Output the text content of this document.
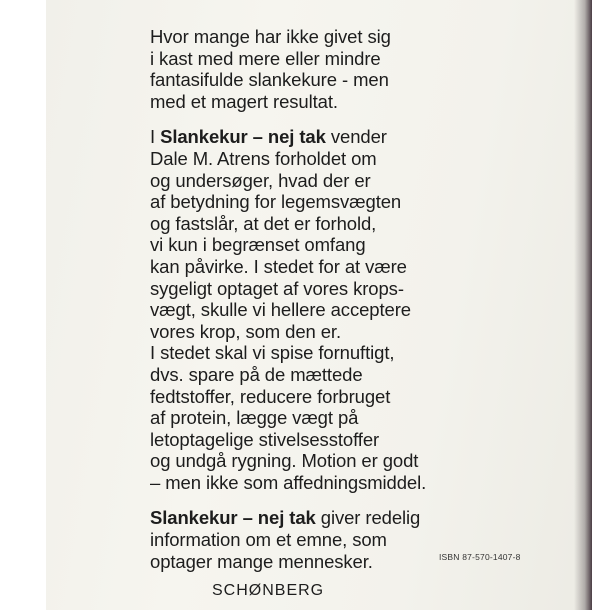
Hvor mange har ikke givet sig
i kast med mere eller mindre
fantasifulde slankekure - men
med et magert resultat.

I Slankekur – nej tak vender
Dale M. Atrens forholdet om
og undersøger, hvad der er
af betydning for legemsvægten
og fastslår, at det er forhold,
vi kun i begrænset omfang
kan påvirke. I stedet for at være
sygeligt optaget af vores krops-
vægt, skulle vi hellere acceptere
vores krop, som den er.
I stedet skal vi spise fornuftigt,
dvs. spare på de mættede
fedtstoffer, reducere forbruget
af protein, lægge vægt på
letoptagelige stivelsesstoffer
og undgå rygning. Motion er godt
– men ikke som affedningsmiddel.

Slankekur – nej tak giver redelig
information om et emne, som
optager mange mennesker.	ISBN 87-570-1407-8
SCHØNBERG
